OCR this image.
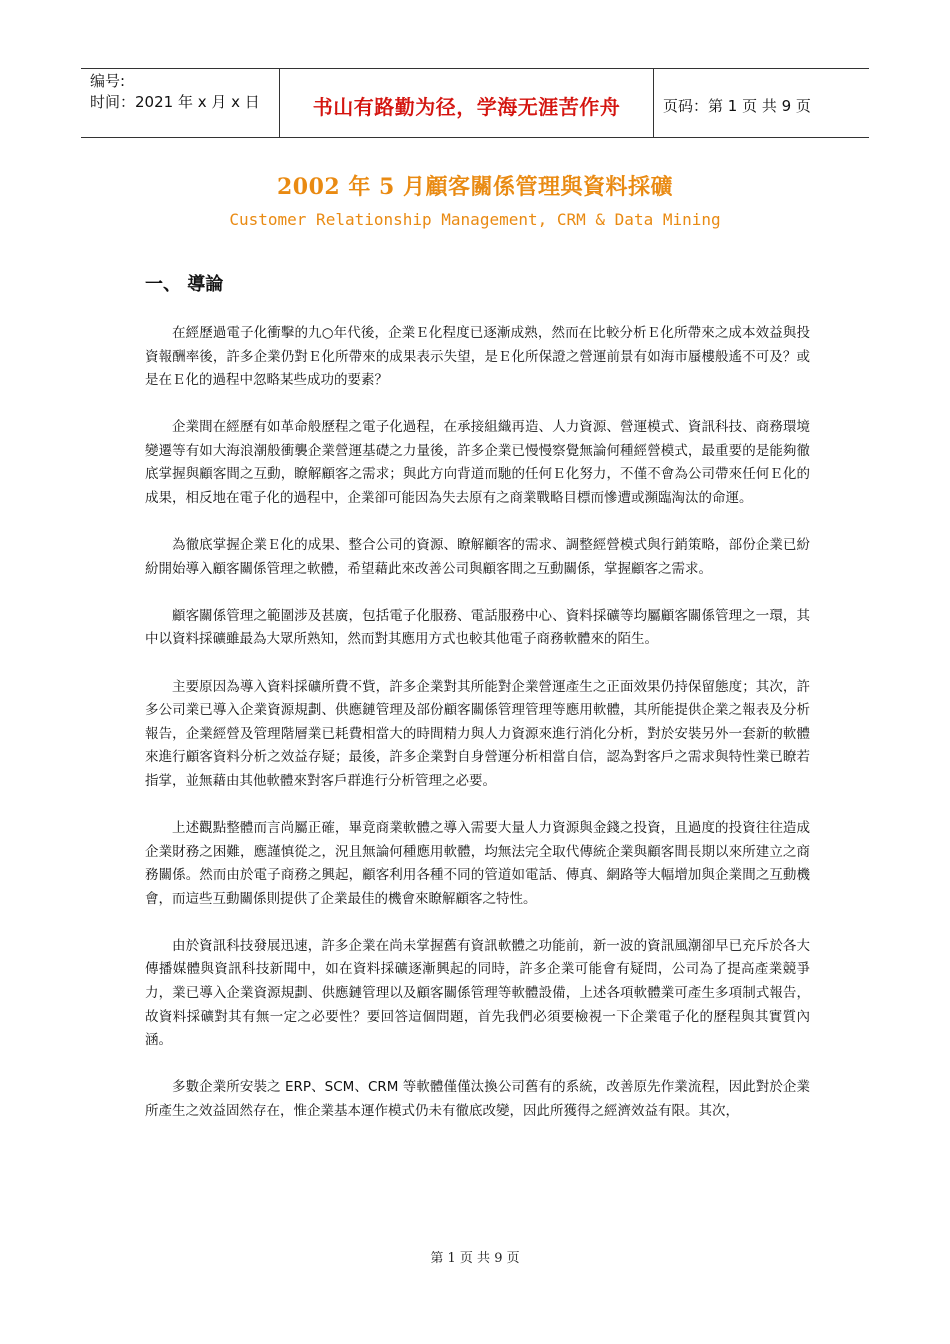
编号:
时间：2021 年 x 月 x 日	书山有路勤为径，学海无涯苦作舟	页码：第 1 页 共 9 页
2002 年 5 月顧客關係管理與資料採礦
Customer Relationship Management, CRM & Data Mining
一、 導論

在經歷過電子化衝擊的九○年代後，企業Ｅ化程度已逐漸成熟，然而在比較分析Ｅ化所帶來之成本效益與投資報酬率後，許多企業仍對Ｅ化所帶來的成果表示失望，是Ｅ化所保證之營運前景有如海市蜃樓般遙不可及？或是在Ｅ化的過程中忽略某些成功的要素？

企業間在經歷有如革命般歷程之電子化過程，在承接組織再造、人力資源、營運模式、資訊科技、商務環境變遷等有如大海浪潮般衝襲企業營運基礎之力量後，許多企業已慢慢察覺無論何種經營模式，最重要的是能夠徹底掌握與顧客間之互動，瞭解顧客之需求；與此方向背道而馳的任何Ｅ化努力，不僅不會為公司帶來任何Ｅ化的成果，相反地在電子化的過程中，企業卻可能因為失去原有之商業戰略目標而慘遭或瀕臨淘汰的命運。

為徹底掌握企業Ｅ化的成果、整合公司的資源、瞭解顧客的需求、調整經營模式與行銷策略，部份企業已紛紛開始導入顧客關係管理之軟體，希望藉此來改善公司與顧客間之互動關係，掌握顧客之需求。

顧客關係管理之範圍涉及甚廣，包括電子化服務、電話服務中心、資料採礦等均屬顧客關係管理之一環，其中以資料採礦雖最為大眾所熟知，然而對其應用方式也較其他電子商務軟體來的陌生。

主要原因為導入資料採礦所費不貲，許多企業對其所能對企業營運產生之正面效果仍持保留態度；其次，許多公司業已導入企業資源規劃、供應鏈管理及部份顧客關係管理管理等應用軟體，其所能提供企業之報表及分析報告，企業經營及管理階層業已耗費相當大的時間精力與人力資源來進行消化分析，對於安裝另外一套新的軟體來進行顧客資料分析之效益存疑；最後，許多企業對自身營運分析相當自信，認為對客戶之需求與特性業已瞭若指掌，並無藉由其他軟體來對客戶群進行分析管理之必要。

上述觀點整體而言尚屬正確，畢竟商業軟體之導入需要大量人力資源與金錢之投資，且過度的投資往往造成企業財務之困難，應謹慎從之，況且無論何種應用軟體，均無法完全取代傳統企業與顧客間長期以來所建立之商務關係。然而由於電子商務之興起，顧客利用各種不同的管道如電話、傳真、網路等大幅增加與企業間之互動機會，而這些互動關係則提供了企業最佳的機會來瞭解顧客之特性。

由於資訊科技發展迅速，許多企業在尚未掌握舊有資訊軟體之功能前，新一波的資訊風潮卻早已充斥於各大傳播媒體與資訊科技新聞中，如在資料採礦逐漸興起的同時，許多企業可能會有疑問，公司為了提高產業競爭力，業已導入企業資源規劃、供應鏈管理以及顧客關係管理等軟體設備，上述各項軟體業可產生多項制式報告，故資料採礦對其有無一定之必要性？要回答這個問題，首先我們必須要檢視一下企業電子化的歷程與其實質內涵。

多數企業所安裝之 ERP、SCM、CRM 等軟體僅僅汰換公司舊有的系統，改善原先作業流程，因此對於企業所產生之效益固然存在，惟企業基本運作模式仍未有徹底改變，因此所獲得之經濟效益有限。其次，

第 1 页 共 9 页
